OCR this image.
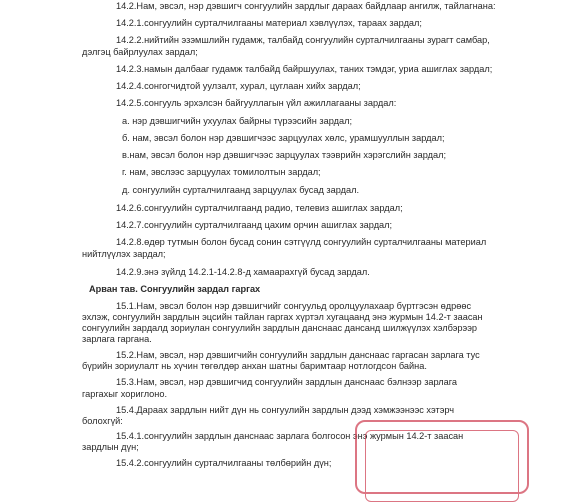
14.2.Нам, эвсэл, нэр дэвшигч сонгуулийн зардлыг дараах байдлаар ангилж, тайлагнана:
14.2.1.сонгуулийн сурталчилгааны материал хэвлүүлэх, тараах зардал;
14.2.2.нийтийн эзэмшлийн гудамж, талбайд сонгуулийн сурталчилгааны зурагт самбар,
дэлгэц байрлуулах зардал;
14.2.3.намын далбааг гудамж талбайд байршуулах, таних тэмдэг, уриа ашиглах зардал;
14.2.4.сонгогчидтой уулзалт, хурал, цуглаан хийх зардал;
14.2.5.сонгууль эрхэлсэн байгууллагын үйл ажиллагааны зардал:
а. нэр дэвшигчийн ухуулах байрны түрээсийн зардал;
б. нам, эвсэл болон нэр дэвшигчээс зарцуулах хөлс, урамшууллын зардал;
в.нам, эвсэл болон нэр дэвшигчээс зарцуулах тээврийн хэрэгслийн зардал;
г. нам, эвслээс зарцуулах томилолтын зардал;
д. сонгуулийн сурталчилгаанд зарцуулах бусад зардал.
14.2.6.сонгуулийн сурталчилгаанд радио, телевиз ашиглах зардал;
14.2.7.сонгуулийн сурталчилгаанд цахим орчин ашиглах зардал;
14.2.8.өдөр тутмын болон бусад сонин сэтгүүлд сонгуулийн сурталчилгааны материал
нийтлүүлэх зардал;
14.2.9.энэ зүйлд 14.2.1-14.2.8-д хамаарахгүй бусад зардал.
Арван тав. Сонгуулийн зардал гаргах
15.1.Нам, эвсэл болон нэр дэвшигчийг сонгуульд оролцуулахаар бүртгэсэн өдрөөс
эхлэж, сонгуулийн зардлын эцсийн тайлан гаргах хүртэл хугацаанд энэ журмын 14.2-т заасан
сонгуулийн зардалд зориулан сонгуулийн зардлын данснаас дансанд шилжүүлэх хэлбэрээр
зарлага гаргана.
15.2.Нам, эвсэл, нэр дэвшигчийн сонгуулийн зардлын данснаас гаргасан зарлага тус
бүрийн зориулалт нь хүчин төгөлдөр анхан шатны баримтаар нотлогдсон байна.
15.3.Нам, эвсэл, нэр дэвшигчид сонгуулийн зардлын данснаас бэлнээр зарлага
гаргахыг хориглоно.
15.4.Дараах зардлын нийт дүн нь сонгуулийн зардлын дээд хэмжээнээс хэтэрч
болохгүй:
15.4.1.сонгуулийн зардлын данснаас зарлага болгосон энэ журмын 14.2-т заасан
зардлын дүн;
15.4.2.сонгуулийн сурталчилгааны төлбөрийн дүн;
